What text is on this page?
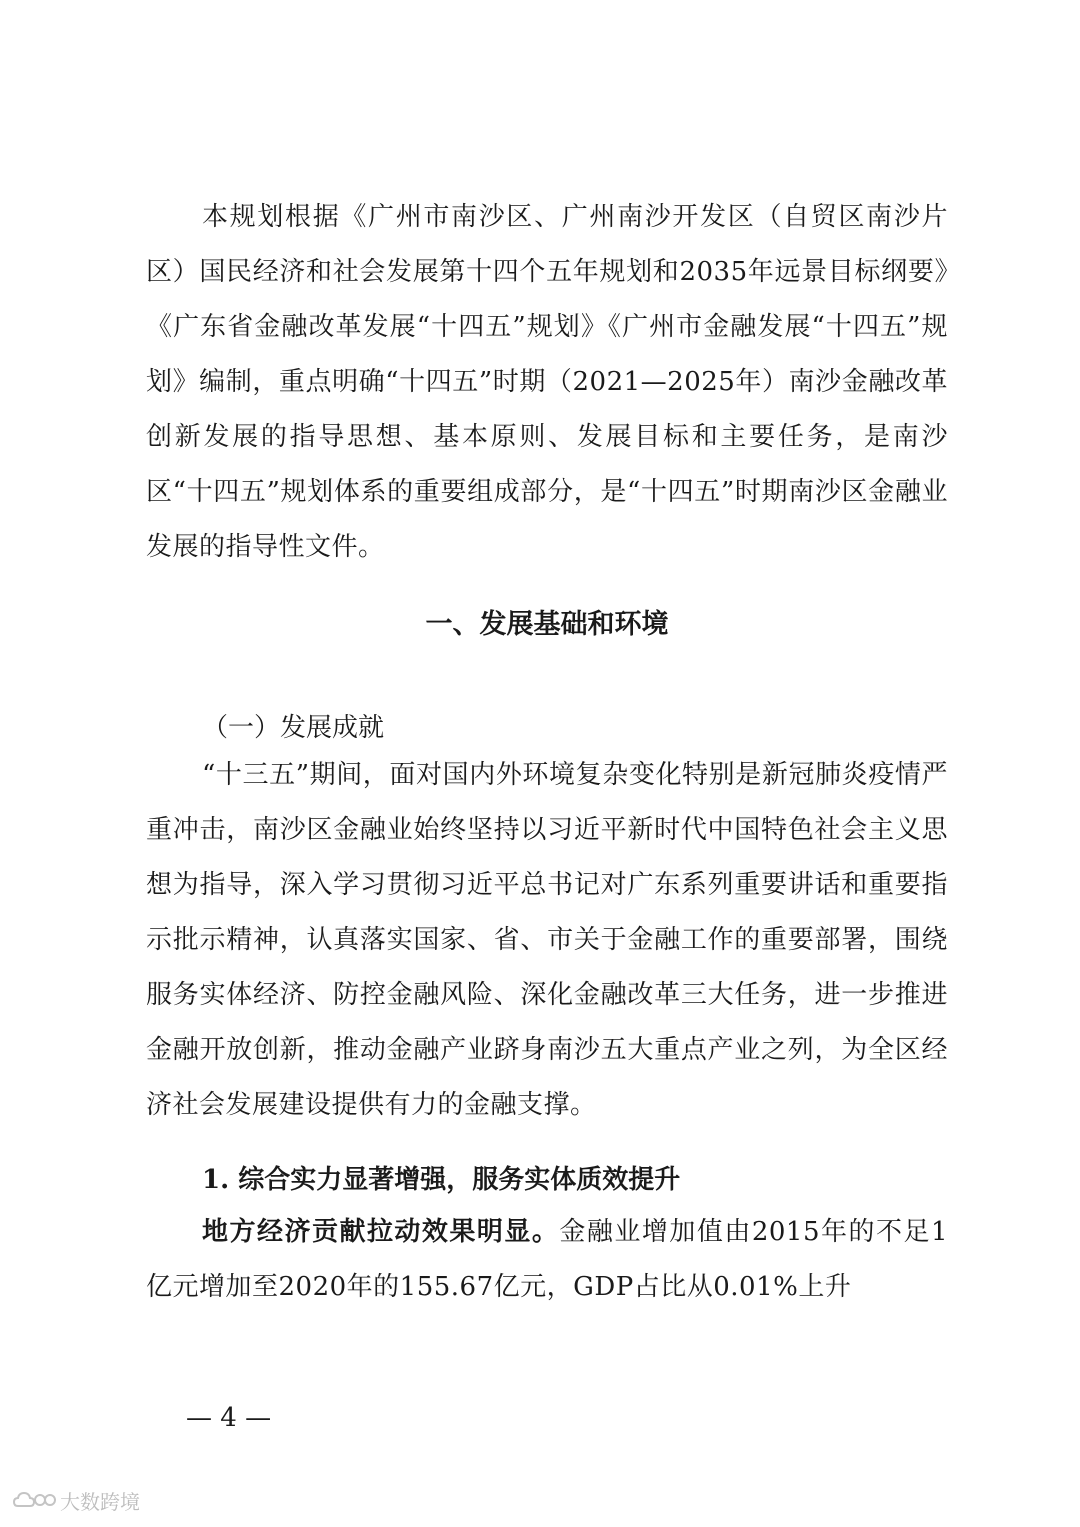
本规划根据《广州市南沙区、广州南沙开发区（自贸区南沙片区）国民经济和社会发展第十四个五年规划和2035年远景目标纲要》《广东省金融改革发展“十四五”规划》《广州市金融发展“十四五”规划》编制，重点明确“十四五”时期（2021—2025年）南沙金融改革创新发展的指导思想、基本原则、发展目标和主要任务，是南沙区“十四五”规划体系的重要组成部分，是“十四五”时期南沙区金融业发展的指导性文件。

一、发展基础和环境

（一）发展成就

“十三五”期间，面对国内外环境复杂变化特别是新冠肺炎疫情严重冲击，南沙区金融业始终坚持以习近平新时代中国特色社会主义思想为指导，深入学习贯彻习近平总书记对广东系列重要讲话和重要指示批示精神，认真落实国家、省、市关于金融工作的重要部署，围绕服务实体经济、防控金融风险、深化金融改革三大任务，进一步推进金融开放创新，推动金融产业跻身南沙五大重点产业之列，为全区经济社会发展建设提供有力的金融支撑。

1. 综合实力显著增强，服务实体质效提升

地方经济贡献拉动效果明显。金融业增加值由2015年的不足1亿元增加至2020年的155.67亿元，GDP占比从0.01%上升

— 4 —
大数跨境
